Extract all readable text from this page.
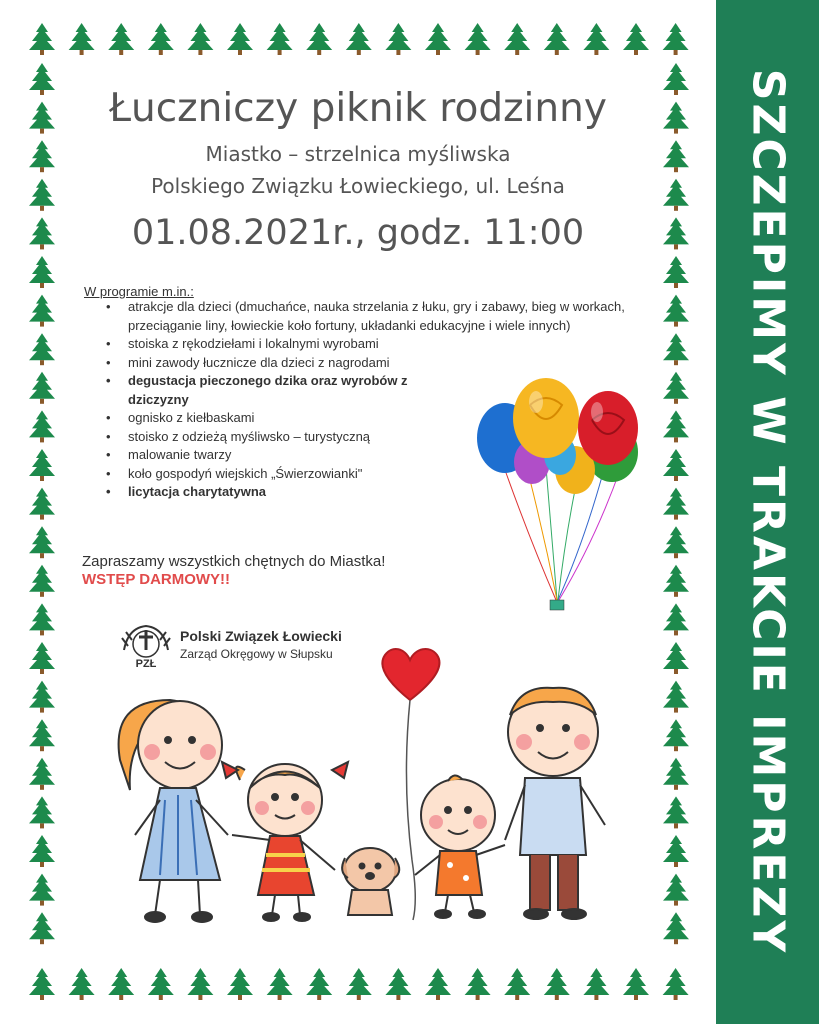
Łuczniczy piknik rodzinny
Miastko – strzelnica myśliwska
Polskiego Związku Łowieckiego, ul. Leśna
01.08.2021r., godz. 11:00
W programie m.in.:
• atrakcje dla dzieci (dmuchańce, nauka strzelania z łuku, gry i zabawy, bieg w workach, przeciąganie liny, łowieckie koło fortuny, układanki edukacyjne i wiele innych)
• stoiska z rękodziełami i lokalnymi wyrobami
• mini zawody łucznicze dla dzieci z nagrodami
• degustacja pieczonego dzika oraz wyrobów z dziczyzny
• ognisko z kiełbaskami
• stoisko z odzieżą myśliwsko – turystyczną
• malowanie twarzy
• koło gospodyń wiejskich „Świerzowianki"
• licytacja charytatywna
Zapraszamy wszystkich chętnych do Miastka!
WSTĘP DARMOWY!!
PZŁ
Polski Związek Łowiecki
Zarząd Okręgowy w Słupsku	SZCZEPIMY W TRAKCIE IMPREZY
